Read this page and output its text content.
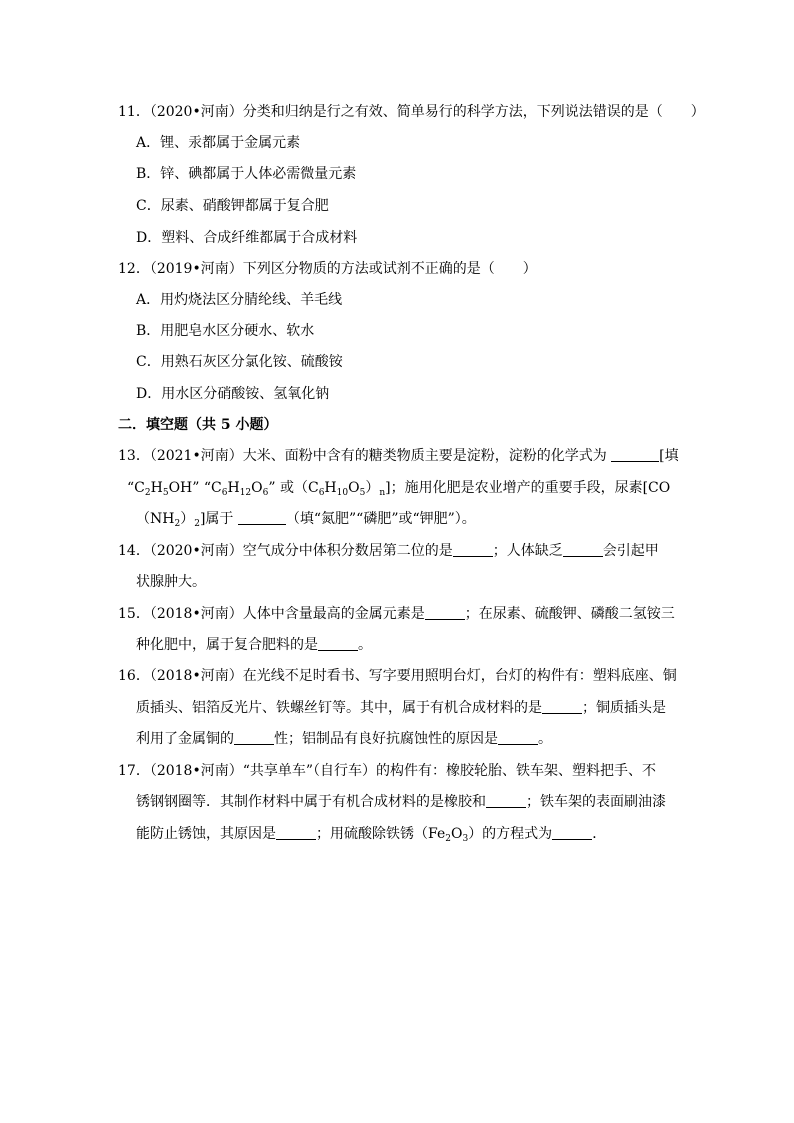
11．（2020•河南）分类和归纳是行之有效、简单易行的科学方法，下列说法错误的是（　　）
A．锂、汞都属于金属元素
B．锌、碘都属于人体必需微量元素
C．尿素、硝酸钾都属于复合肥
D．塑料、合成纤维都属于合成材料
12．（2019•河南）下列区分物质的方法或试剂不正确的是（　　）
A．用灼烧法区分腈纶线、羊毛线
B．用肥皂水区分硬水、软水
C．用熟石灰区分氯化铵、硫酸铵
D．用水区分硝酸铵、氢氧化钠
二．填空题（共 5 小题）
13．（2021•河南）大米、面粉中含有的糖类物质主要是淀粉，淀粉的化学式为	[填
“$C_2H_5OH$” “$C_6H_{12}O_6$” 或$(C_6H_{10}O_5)_n$]；施用化肥是农业增产的重要手段，尿素[CO
$(NH_2)_2$]属于	（填“氮肥”“磷肥”或“钾肥”）。
14．（2020•河南）空气成分中体积分数居第二位的是	；人体缺乏	会引起甲
状腺肿大。
15．（2018•河南）人体中含量最高的金属元素是	；在尿素、硫酸钾、磷酸二氢铵三
种化肥中，属于复合肥料的是	。
16．（2018•河南）在光线不足时看书、写字要用照明台灯，台灯的构件有：塑料底座、铜
质插头、铝箔反光片、铁螺丝钉等。其中，属于有机合成材料的是	；铜质插头是
利用了金属铜的	性；铝制品有良好抗腐蚀性的原因是	。
17．（2018•河南）“共享单车”（自行车）的构件有：橡胶轮胎、铁车架、塑料把手、不
锈钢钢圈等．其制作材料中属于有机合成材料的是橡胶和	；铁车架的表面刷油漆
能防止锈蚀，其原因是	；用硫酸除铁锈$(Fe_2O_3)$的方程式为	．
